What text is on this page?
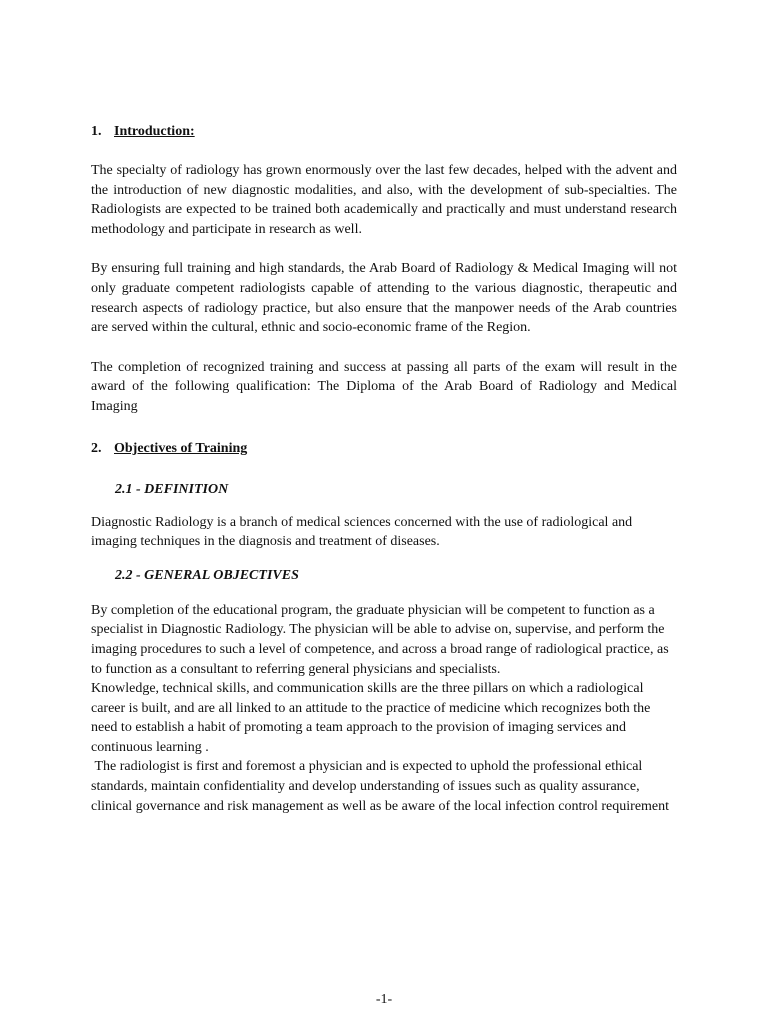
1. Introduction:

The specialty of radiology has grown enormously over the last few decades, helped with the advent and the introduction of new diagnostic modalities, and also, with the development of sub-specialties. The Radiologists are expected to be trained both academically and practically and must understand research methodology and participate in research as well.

By ensuring full training and high standards, the Arab Board of Radiology & Medical Imaging will not only graduate competent radiologists capable of attending to the various diagnostic, therapeutic and research aspects of radiology practice, but also ensure that the manpower needs of the Arab countries are served within the cultural, ethnic and socio-economic frame of the Region.

The completion of recognized training and success at passing all parts of the exam will result in the award of the following qualification: The Diploma of the Arab Board of Radiology and Medical Imaging

2. Objectives of Training

2.1 - DEFINITION

Diagnostic Radiology is a branch of medical sciences concerned with the use of radiological and imaging techniques in the diagnosis and treatment of diseases.

2.2 - GENERAL OBJECTIVES

By completion of the educational program, the graduate physician will be competent to function as a specialist in Diagnostic Radiology. The physician will be able to advise on, supervise, and perform the imaging procedures to such a level of competence, and across a broad range of radiological practice, as to function as a consultant to referring general physicians and specialists.

Knowledge, technical skills, and communication skills are the three pillars on which a radiological career is built, and are all linked to an attitude to the practice of medicine which recognizes both the need to establish a habit of promoting a team approach to the provision of imaging services and continuous learning .

The radiologist is first and foremost a physician and is expected to uphold the professional ethical standards, maintain confidentiality and develop understanding of issues such as quality assurance, clinical governance and risk management as well as be aware of the local infection control requirement

-1-
